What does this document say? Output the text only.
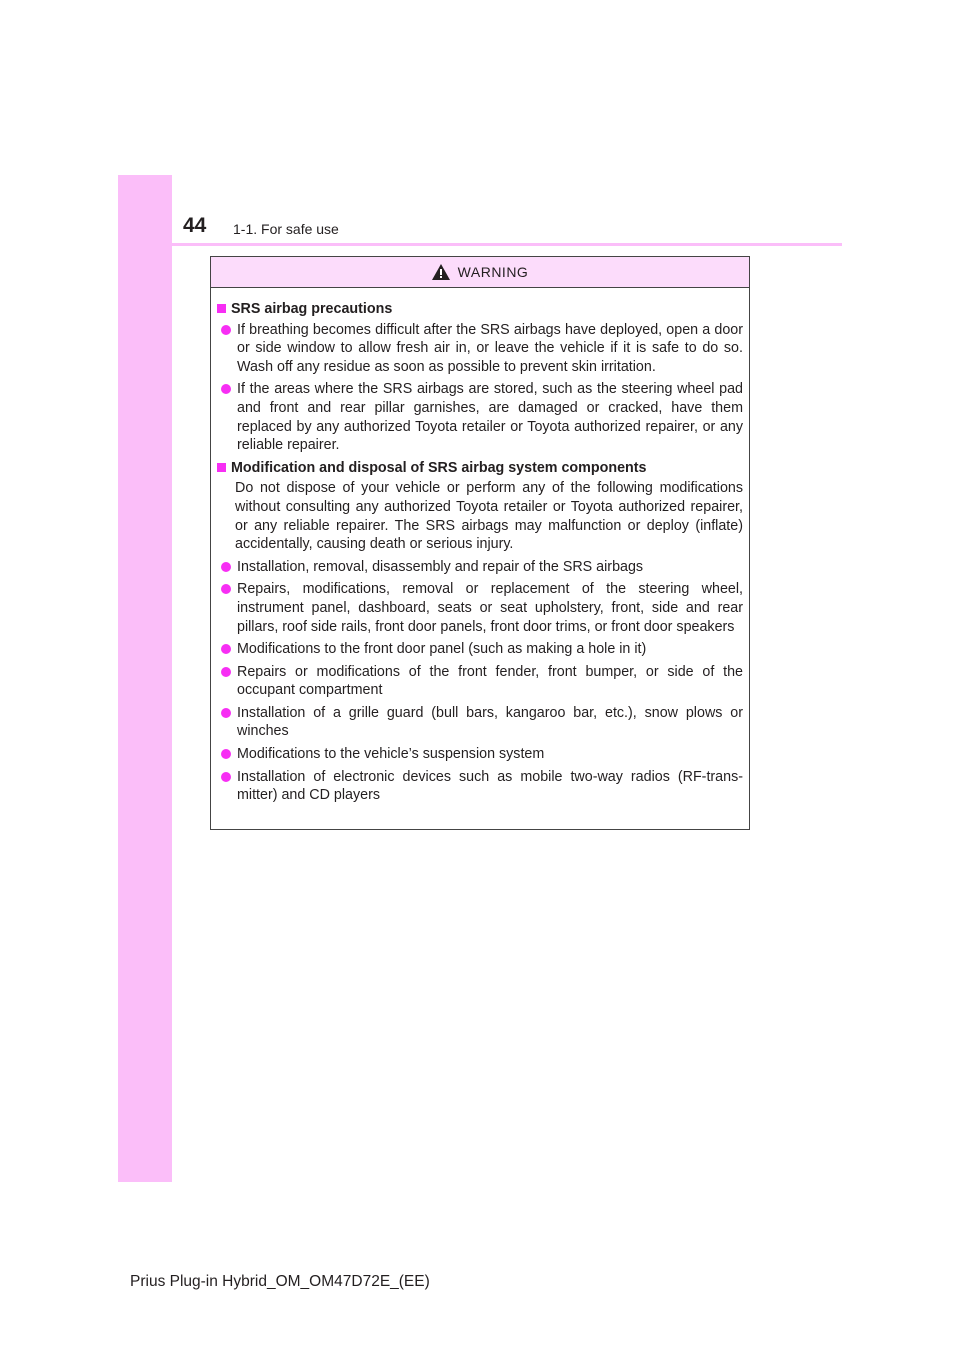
44 1-1. For safe use
WARNING
SRS airbag precautions
If breathing becomes difficult after the SRS airbags have deployed, open a door or side window to allow fresh air in, or leave the vehicle if it is safe to do so. Wash off any residue as soon as possible to prevent skin irritation.
If the areas where the SRS airbags are stored, such as the steering wheel pad and front and rear pillar garnishes, are damaged or cracked, have them replaced by any authorized Toyota retailer or Toyota authorized repairer, or any reliable repairer.
Modification and disposal of SRS airbag system components
Do not dispose of your vehicle or perform any of the following modifications without consulting any authorized Toyota retailer or Toyota authorized repairer, or any reliable repairer. The SRS airbags may malfunction or deploy (inflate) accidentally, causing death or serious injury.
Installation, removal, disassembly and repair of the SRS airbags
Repairs, modifications, removal or replacement of the steering wheel, instrument panel, dashboard, seats or seat upholstery, front, side and rear pillars, roof side rails, front door panels, front door trims, or front door speakers
Modifications to the front door panel (such as making a hole in it)
Repairs or modifications of the front fender, front bumper, or side of the occupant compartment
Installation of a grille guard (bull bars, kangaroo bar, etc.), snow plows or winches
Modifications to the vehicle’s suspension system
Installation of electronic devices such as mobile two-way radios (RF-trans-mitter) and CD players
Prius Plug-in Hybrid_OM_OM47D72E_(EE)
